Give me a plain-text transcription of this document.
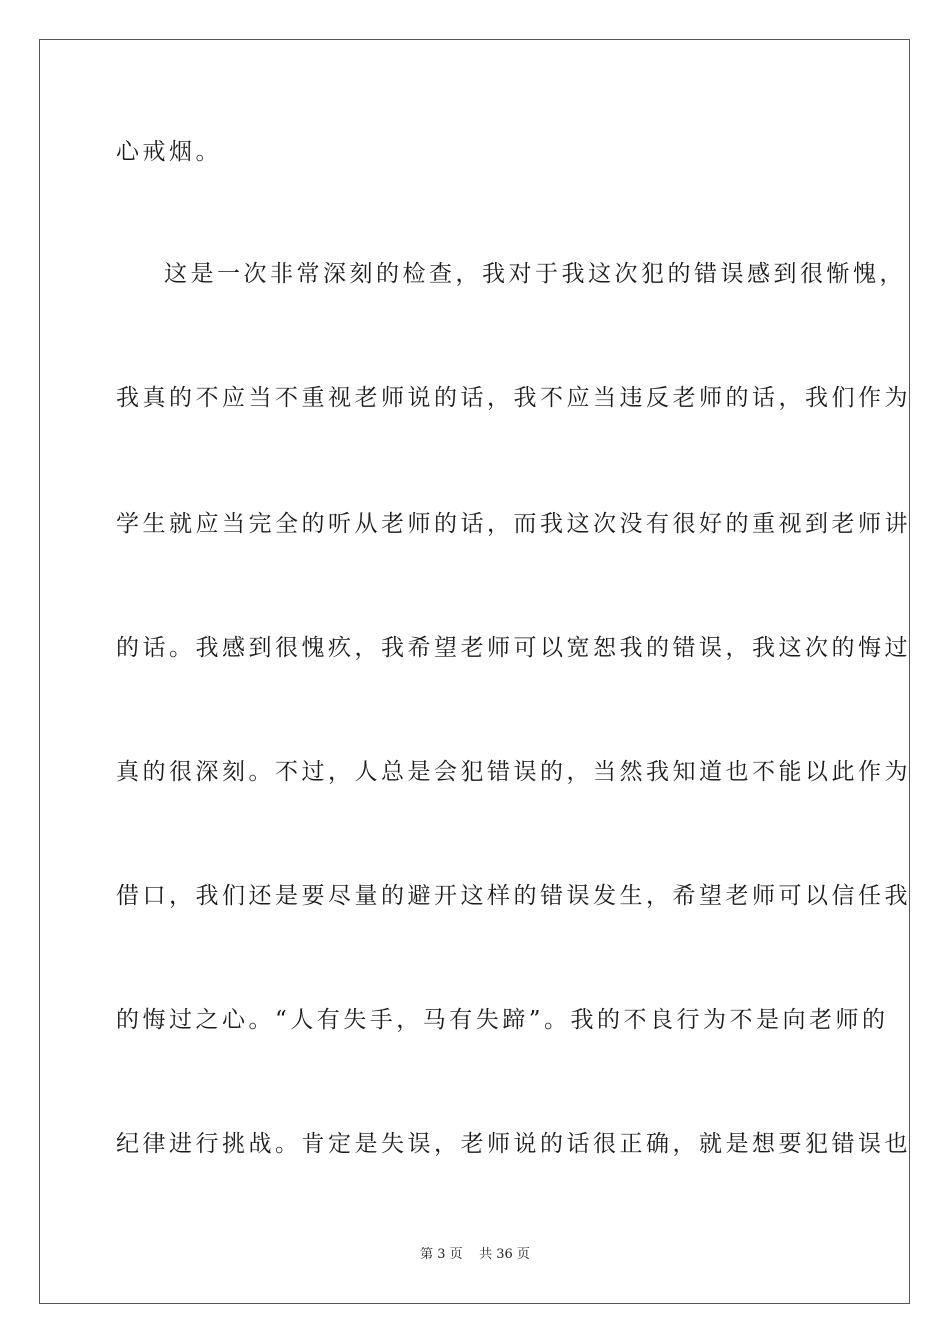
心戒烟。
这是一次非常深刻的检查，我对于我这次犯的错误感到很惭愧，
我真的不应当不重视老师说的话，我不应当违反老师的话，我们作为
学生就应当完全的听从老师的话，而我这次没有很好的重视到老师讲
的话。我感到很愧疚，我希望老师可以宽恕我的错误，我这次的悔过
真的很深刻。不过，人总是会犯错误的，当然我知道也不能以此作为
借口，我们还是要尽量的避开这样的错误发生，希望老师可以信任我
的悔过之心。“人有失手，马有失蹄”。我的不良行为不是向老师的
纪律进行挑战。肯定是失误，老师说的话很正确，就是想要犯错误也
第 3 页    共 36 页
